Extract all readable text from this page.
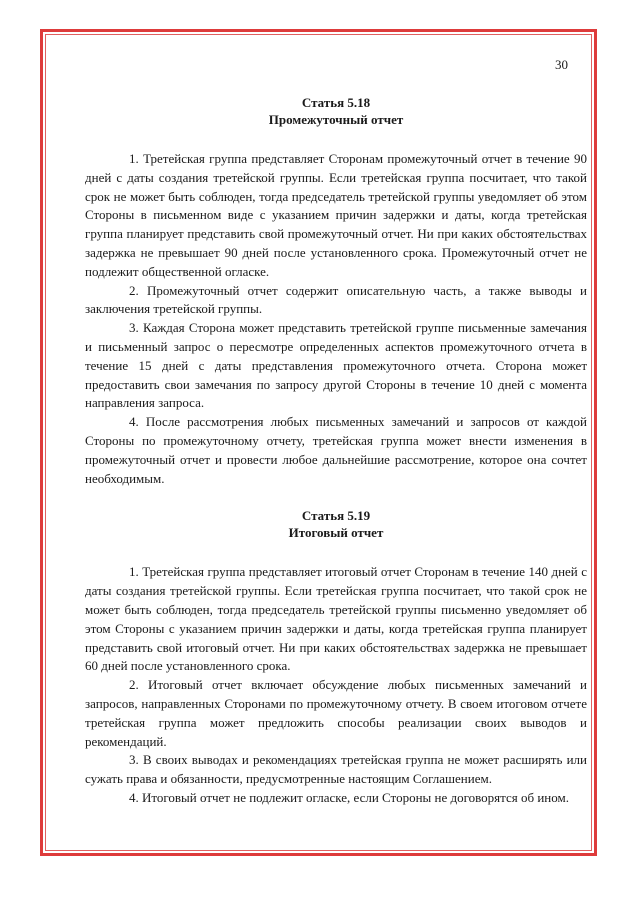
30

Статья 5.18

Промежуточный отчет

1. Третейская группа представляет Сторонам промежуточный отчет в течение 90 дней с даты создания третейской группы. Если третейская группа посчитает, что такой срок не может быть соблюден, тогда председатель третейской группы уведомляет об этом Стороны в письменном виде с указанием причин задержки и даты, когда третейская группа планирует представить свой промежуточный отчет. Ни при каких обстоятельствах задержка не превышает 90 дней после установленного срока. Промежуточный отчет не подлежит общественной огласке.

2. Промежуточный отчет содержит описательную часть, а также выводы и заключения третейской группы.

3. Каждая Сторона может представить третейской группе письменные замечания и письменный запрос о пересмотре определенных аспектов промежуточного отчета в течение 15 дней с даты представления промежуточного отчета. Сторона может предоставить свои замечания по запросу другой Стороны в течение 10 дней с момента направления запроса.

4. После рассмотрения любых письменных замечаний и запросов от каждой Стороны по промежуточному отчету, третейская группа может внести изменения в промежуточный отчет и провести любое дальнейшие рассмотрение, которое она сочтет необходимым.

Статья 5.19

Итоговый отчет

1. Третейская группа представляет итоговый отчет Сторонам в течение 140 дней с даты создания третейской группы. Если третейская группа посчитает, что такой срок не может быть соблюден, тогда председатель третейской группы письменно уведомляет об этом Стороны с указанием причин задержки и даты, когда третейская группа планирует представить свой итоговый отчет. Ни при каких обстоятельствах задержка не превышает 60 дней после установленного срока.

2. Итоговый отчет включает обсуждение любых письменных замечаний и запросов, направленных Сторонами по промежуточному отчету. В своем итоговом отчете третейская группа может предложить способы реализации своих выводов и рекомендаций.

3. В своих выводах и рекомендациях третейская группа не может расширять или сужать права и обязанности, предусмотренные настоящим Соглашением.

4. Итоговый отчет не подлежит огласке, если Стороны не договорятся об ином.
